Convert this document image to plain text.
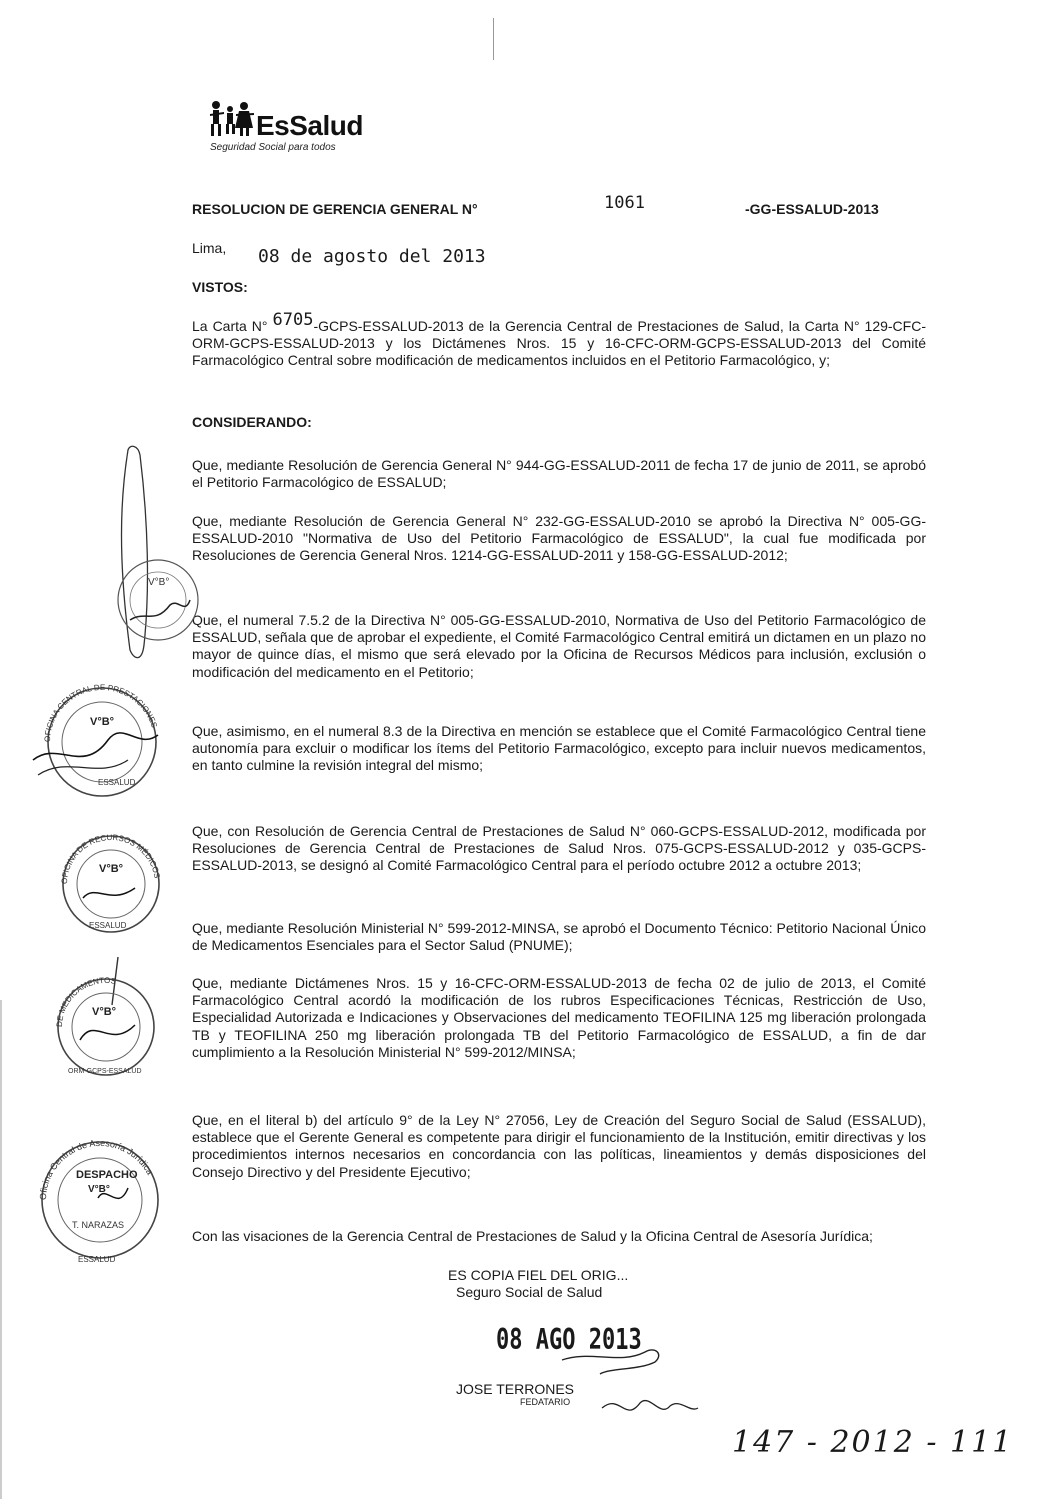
EsSalud
Seguridad Social para todos
RESOLUCION DE GERENCIA GENERAL N°	1061	-GG-ESSALUD-2013
Lima, 08 de agosto del 2013
VISTOS:

La Carta N° 6705-GCPS-ESSALUD-2013 de la Gerencia Central de Prestaciones de Salud, la Carta N° 129-CFC-ORM-GCPS-ESSALUD-2013 y los Dictámenes Nros. 15 y 16-CFC-ORM-GCPS-ESSALUD-2013 del Comité Farmacológico Central sobre modificación de medicamentos incluidos en el Petitorio Farmacológico, y;

CONSIDERANDO:

Que, mediante Resolución de Gerencia General N° 944-GG-ESSALUD-2011 de fecha 17 de junio de 2011, se aprobó el Petitorio Farmacológico de ESSALUD;

Que, mediante Resolución de Gerencia General N° 232-GG-ESSALUD-2010 se aprobó la Directiva N° 005-GG-ESSALUD-2010 "Normativa de Uso del Petitorio Farmacológico de ESSALUD", la cual fue modificada por Resoluciones de Gerencia General Nros. 1214-GG-ESSALUD-2011 y 158-GG-ESSALUD-2012;

Que, el numeral 7.5.2 de la Directiva N° 005-GG-ESSALUD-2010, Normativa de Uso del Petitorio Farmacológico de ESSALUD, señala que de aprobar el expediente, el Comité Farmacológico Central emitirá un dictamen en un plazo no mayor de quince días, el mismo que será elevado por la Oficina de Recursos Médicos para inclusión, exclusión o modificación del medicamento en el Petitorio;

Que, asimismo, en el numeral 8.3 de la Directiva en mención se establece que el Comité Farmacológico Central tiene autonomía para excluir o modificar los ítems del Petitorio Farmacológico, excepto para incluir nuevos medicamentos, en tanto culmine la revisión integral del mismo;

Que, con Resolución de Gerencia Central de Prestaciones de Salud N° 060-GCPS-ESSALUD-2012, modificada por Resoluciones de Gerencia Central de Prestaciones de Salud Nros. 075-GCPS-ESSALUD-2012 y 035-GCPS-ESSALUD-2013, se designó al Comité Farmacológico Central para el período octubre 2012 a octubre 2013;

Que, mediante Resolución Ministerial N° 599-2012-MINSA, se aprobó el Documento Técnico: Petitorio Nacional Único de Medicamentos Esenciales para el Sector Salud (PNUME);

Que, mediante Dictámenes Nros. 15 y 16-CFC-ORM-ESSALUD-2013 de fecha 02 de julio de 2013, el Comité Farmacológico Central acordó la modificación de los rubros Especificaciones Técnicas, Restricción de Uso, Especialidad Autorizada e Indicaciones y Observaciones del medicamento TEOFILINA 125 mg liberación prolongada TB y TEOFILINA 250 mg liberación prolongada TB del Petitorio Farmacológico de ESSALUD, a fin de dar cumplimiento a la Resolución Ministerial N° 599-2012/MINSA;

Que, en el literal b) del artículo 9° de la Ley N° 27056, Ley de Creación del Seguro Social de Salud (ESSALUD), establece que el Gerente General es competente para dirigir el funcionamiento de la Institución, emitir directivas y los procedimientos internos necesarios en concordancia con las políticas, lineamientos y demás disposiciones del Consejo Directivo y del Presidente Ejecutivo;

Con las visaciones de la Gerencia Central de Prestaciones de Salud y la Oficina Central de Asesoría Jurídica;

V°B°
OFICINA CENTRAL DE PRESTACIONES
V°B°
ESSALUD
OFICINA DE RECURSOS MÉDICOS
V°B°
ESSALUD
DE MEDICAMENTOS
V°B°
ORM-GCPS-ESSALUD
Oficina Central de Asesoría Jurídica
DESPACHO
V°B°
T. NARAZAS
ESSALUD
ES COPIA FIEL DEL ORIG...
Seguro Social de Salud
08 AGO 2013
JOSE TERRONES
FEDATARIO
147 - 2012 - 111
